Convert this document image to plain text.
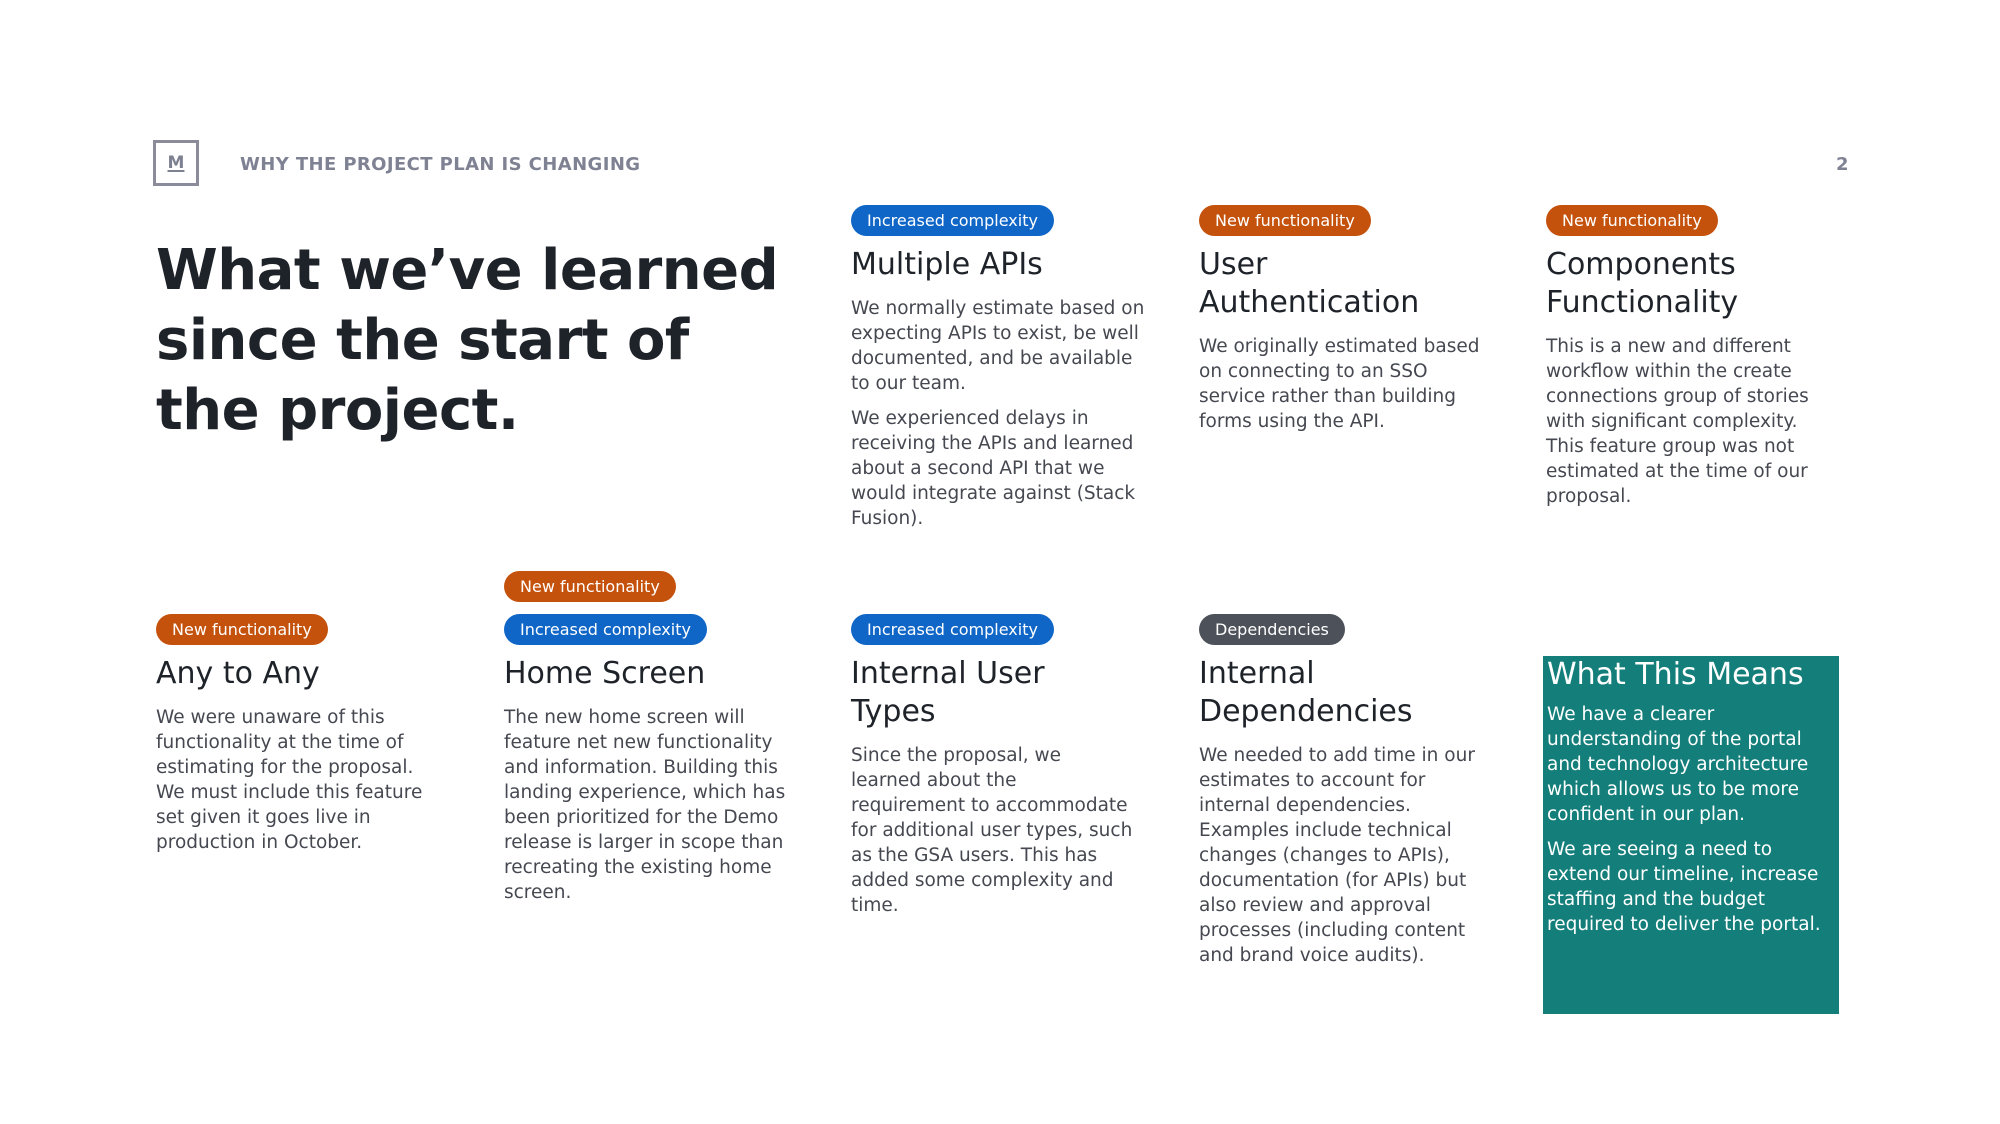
M	WHY THE PROJECT PLAN IS CHANGING	2
What we’ve learned since the start of the project.
Increased complexity
Multiple APIs

We normally estimate based on expecting APIs to exist, be well documented, and be available to our team.

We experienced delays in receiving the APIs and learned about a second API that we would integrate against (Stack Fusion).

New functionality
User Authentication

We originally estimated based on connecting to an SSO service rather than building forms using the API.

New functionality
Components Functionality

This is a new and different workflow within the create connections group of stories with significant complexity. This feature group was not estimated at the time of our proposal.

New functionality
Any to Any

We were unaware of this functionality at the time of estimating for the proposal. We must include this feature set given it goes live in production in October.

New functionality
Increased complexity
Home Screen

The new home screen will feature net new functionality and information. Building this landing experience, which has been prioritized for the Demo release is larger in scope than recreating the existing home screen.

Increased complexity
Internal User Types

Since the proposal, we learned about the requirement to accommodate for additional user types, such as the GSA users. This has added some complexity and time.

Dependencies
Internal Dependencies

We needed to add time in our estimates to account for internal dependencies. Examples include technical changes (changes to APIs), documentation (for APIs) but also review and approval processes (including content and brand voice audits).

What This Means

We have a clearer understanding of the portal and technology architecture which allows us to be more confident in our plan.

We are seeing a need to extend our timeline, increase staffing and the budget required to deliver the portal.
